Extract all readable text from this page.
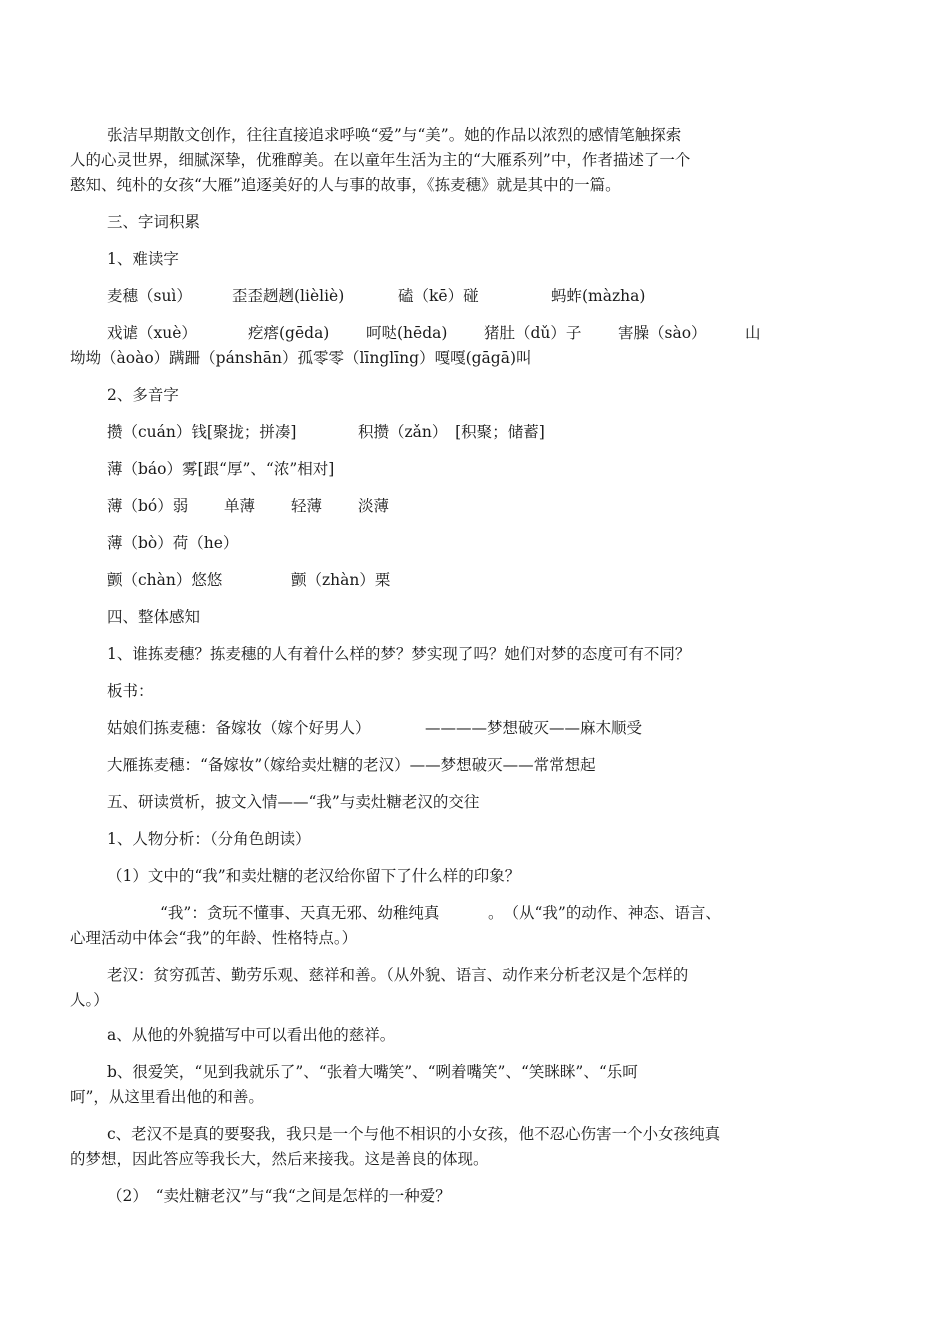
张洁早期散文创作，往往直接追求呼唤“爱”与“美”。她的作品以浓烈的感情笔触探索
人的心灵世界，细腻深挚，优雅醇美。在以童年生活为主的“大雁系列”中，作者描述了一个
憨知、纯朴的女孩“大雁”追逐美好的人与事的故事，《拣麦穗》就是其中的一篇。
三、字词积累
1、难读字
麦穗（suì）	歪歪趔趔(lièliè)	磕（kē）碰	蚂蚱(màzha)
戏谑（xuè）	疙瘩(gēda) 呵哒(hēda) 猪肚（dǔ）子 害臊（sào） 山
坳坳（àoào）蹒跚（pánshān）孤零零（līnglīng）嘎嘎(gāgā)叫
2、多音字
攒（cuán）钱[聚拢；拼凑]	积攒（zǎn）　[积聚；储蓄]
薄（báo）雾[跟“厚”、“浓”相对]
薄（bó）弱 单薄 轻薄 淡薄
薄（bò）荷（he）
颤（chàn）悠悠	颤（zhàn）栗
四、整体感知
1、谁拣麦穗？拣麦穗的人有着什么样的梦？梦实现了吗？她们对梦的态度可有不同？
板书：
姑娘们拣麦穗：备嫁妆（嫁个好男人）	————梦想破灭——麻木顺受
大雁拣麦穗：“备嫁妆”（嫁给卖灶糖的老汉）——梦想破灭——常常想起
五、研读赏析，披文入情——“我”与卖灶糖老汉的交往
1、人物分析：（分角色朗读）
（1）文中的“我”和卖灶糖的老汉给你留下了什么样的印象？
“我”：贪玩不懂事、天真无邪、幼稚纯真	。　（从“我”的动作、神态、语言、
心理活动中体会“我”的年龄、性格特点。）
老汉：贫穷孤苦、勤劳乐观、慈祥和善。（从外貌、语言、动作来分析老汉是个怎样的
人。）
a、从他的外貌描写中可以看出他的慈祥。
b、很爱笑，“见到我就乐了”、“张着大嘴笑”、“咧着嘴笑”、“笑眯眯”、“乐呵
呵”，从这里看出他的和善。
c、老汉不是真的要娶我，我只是一个与他不相识的小女孩，他不忍心伤害一个小女孩纯真
的梦想，因此答应等我长大，然后来接我。这是善良的体现。
（2）　“卖灶糖老汉”与“我“之间是怎样的一种爱？
